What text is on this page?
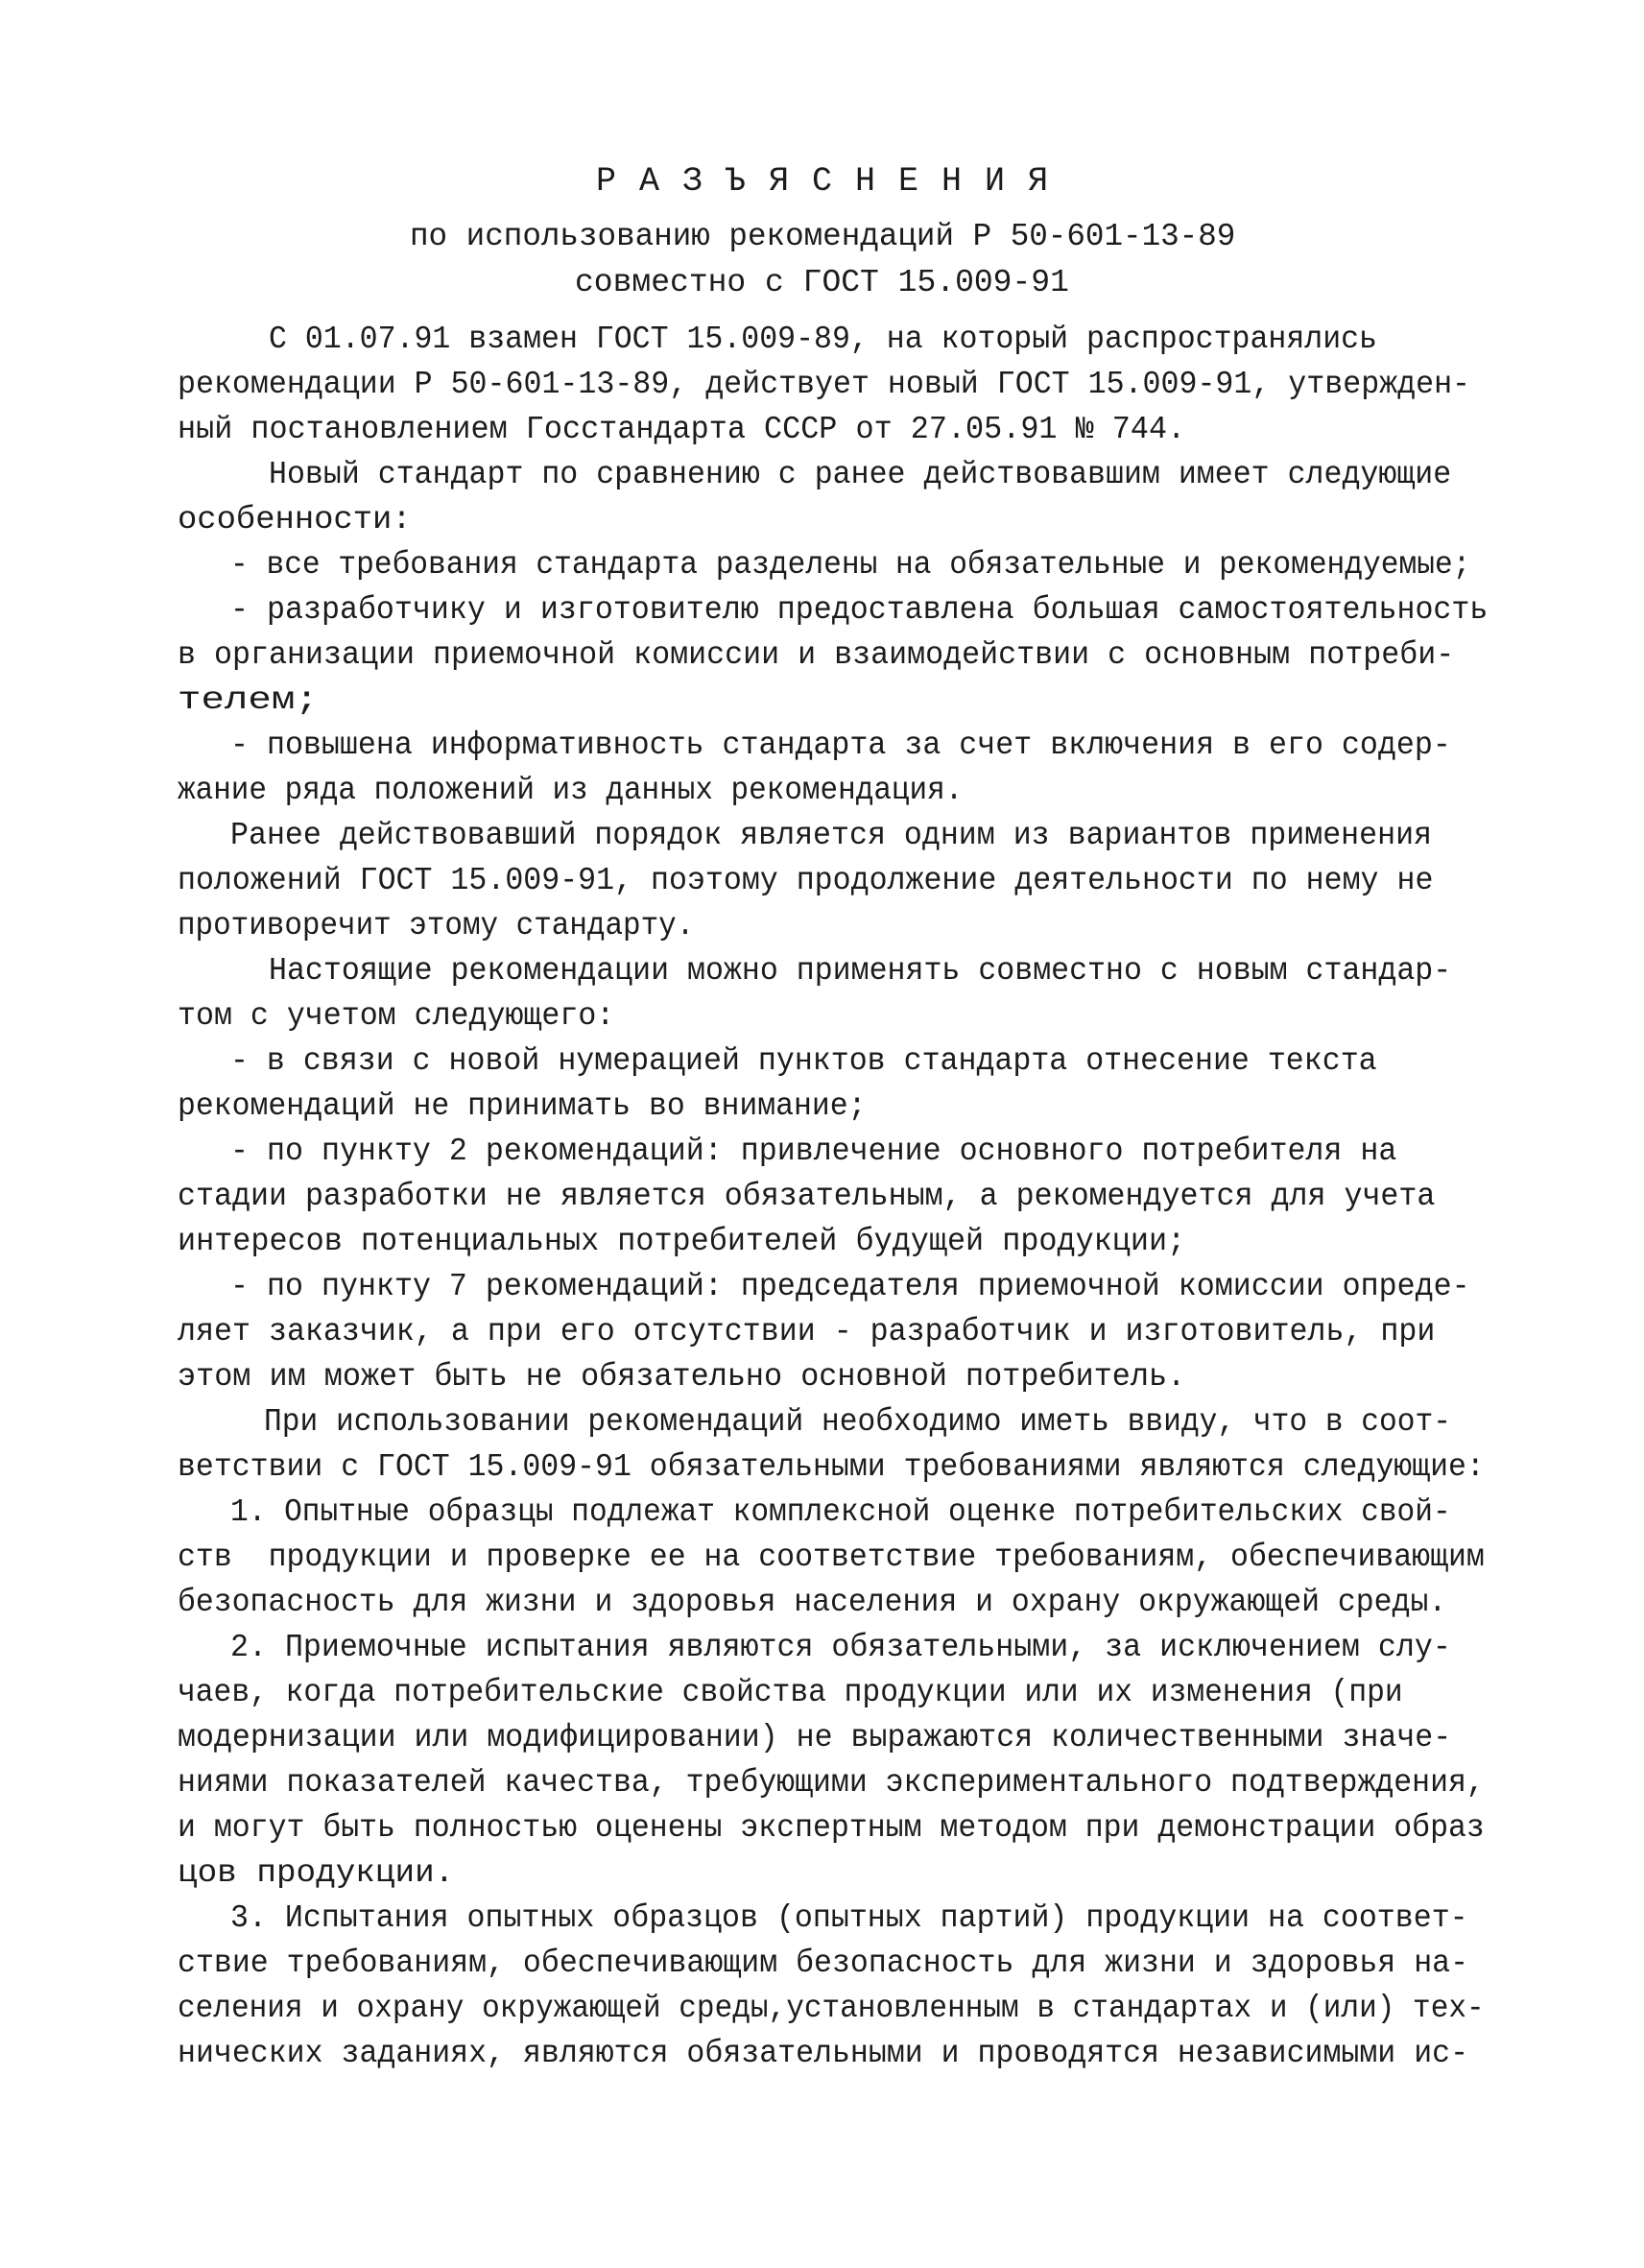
РАЗЪЯСНЕНИЯ
по использованию рекомендаций Р 50-601-13-89
совместно с ГОСТ 15.009-91
С 01.07.91 взамен ГОСТ 15.009-89, на который распространялись
рекомендации Р 50-601-13-89, действует новый ГОСТ 15.009-91, утвержден-
ный постановлением Госстандарта СССР от 27.05.91 № 744.
Новый стандарт по сравнению с ранее действовавшим имеет следующие
особенности:
- все требования стандарта разделены на обязательные и рекомендуемые;
- разработчику и изготовителю предоставлена большая самостоятельность
в организации приемочной комиссии и взаимодействии с основным потреби-
телем;
- повышена информативность стандарта за счет включения в его содер-
жание ряда положений из данных рекомендация.
Ранее действовавший порядок является одним из вариантов применения
положений ГОСТ 15.009-91, поэтому продолжение деятельности по нему не
противоречит этому стандарту.
Настоящие рекомендации можно применять совместно с новым стандар-
том с учетом следующего:
- в связи с новой нумерацией пунктов стандарта отнесение текста
рекомендаций не принимать во внимание;
- по пункту 2 рекомендаций: привлечение основного потребителя на
стадии разработки не является обязательным, а рекомендуется для учета
интересов потенциальных потребителей будущей продукции;
- по пункту 7 рекомендаций: председателя приемочной комиссии опреде-
ляет заказчик, а при его отсутствии - разработчик и изготовитель, при
этом им может быть не обязательно основной потребитель.
При использовании рекомендаций необходимо иметь ввиду, что в соот-
ветствии с ГОСТ 15.009-91 обязательными требованиями являются следующие:
1. Опытные образцы подлежат комплексной оценке потребительских свой-
ств  продукции и проверке ее на соответствие требованиям, обеспечивающим
безопасность для жизни и здоровья населения и охрану окружающей среды.
2. Приемочные испытания являются обязательными, за исключением слу-
чаев, когда потребительские свойства продукции или их изменения (при
модернизации или модифицировании) не выражаются количественными значе-
ниями показателей качества, требующими экспериментального подтверждения,
и могут быть полностью оценены экспертным методом при демонстрации образ
цов продукции.
3. Испытания опытных образцов (опытных партий) продукции на соответ-
ствие требованиям, обеспечивающим безопасность для жизни и здоровья на-
селения и охрану окружающей среды,установленным в стандартах и (или) тех-
нических заданиях, являются обязательными и проводятся независимыми ис-
